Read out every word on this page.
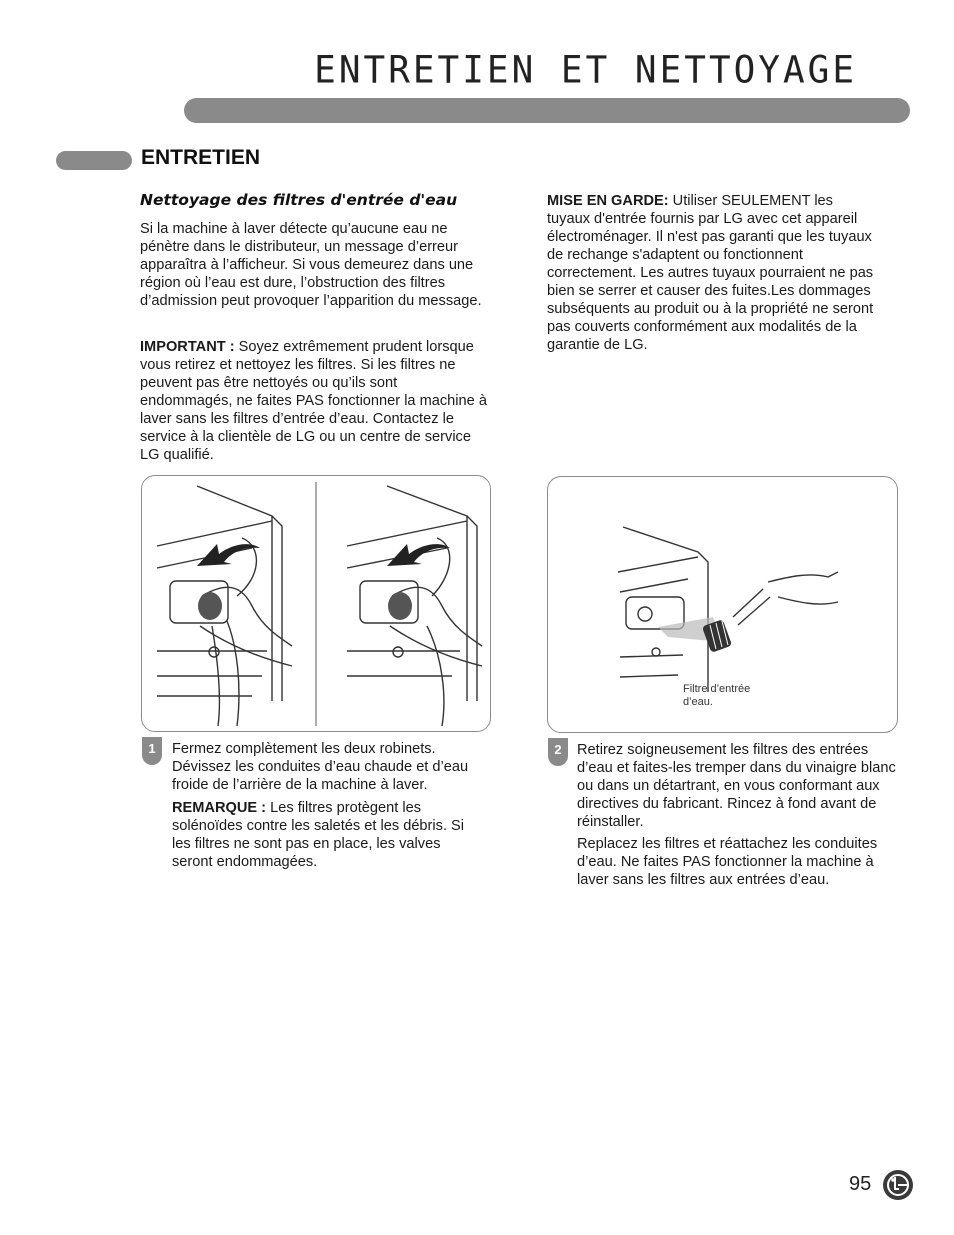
ENTRETIEN ET NETTOYAGE
ENTRETIEN
Nettoyage des filtres d'entrée d'eau

Si la machine à laver détecte qu’aucune eau ne pénètre dans le distributeur, un message d’erreur apparaîtra à l’afficheur. Si vous demeurez dans une région où l’eau est dure, l’obstruction des filtres d’admission peut provoquer l’apparition du message.

IMPORTANT : Soyez extrêmement prudent lorsque vous retirez et nettoyez les filtres. Si les filtres ne peuvent pas être nettoyés ou qu’ils sont endommagés, ne faites PAS fonctionner la machine à laver sans les filtres d’entrée d’eau. Contactez le service à la clientèle de LG ou un centre de service LG qualifié.

MISE EN GARDE: Utiliser SEULEMENT les tuyaux d'entrée fournis par LG avec cet appareil électroménager. Il n'est pas garanti que les tuyaux de rechange s'adaptent ou fonctionnent correctement. Les autres tuyaux pourraient ne pas bien se serrer et causer des fuites.Les dommages subséquents au produit ou à la propriété ne seront pas couverts conformément aux modalités de la garantie de LG.

1	Fermez complètement les deux robinets. Dévissez les conduites d’eau chaude et d’eau froide de l’arrière de la machine à laver.

REMARQUE : Les filtres protègent les solénoïdes contre les saletés et les débris. Si les filtres ne sont pas en place, les valves seront endommagées.

Filtre d’entrée d’eau.

2	Retirez soigneusement les filtres des entrées d’eau et faites-les tremper dans du vinaigre blanc ou dans un détartrant, en vous conformant aux directives du fabricant. Rincez à fond avant de réinstaller.

Replacez les filtres et réattachez les conduites d’eau. Ne faites PAS fonctionner la machine à laver sans les filtres aux entrées d’eau.

95
